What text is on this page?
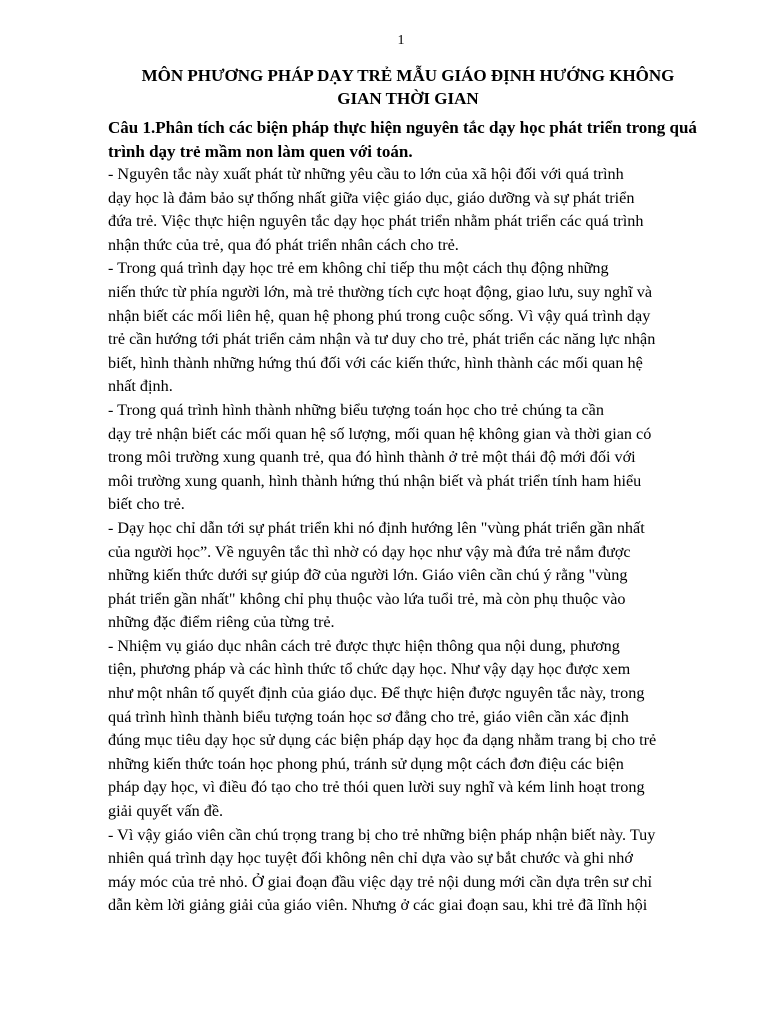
1
MÔN PHƯƠNG PHÁP DẠY TRẺ MẪU GIÁO ĐỊNH HƯỚNG KHÔNG GIAN THỜI GIAN

Câu 1.Phân tích các biện pháp thực hiện nguyên tắc dạy học phát triển trong quá trình dạy trẻ mầm non làm quen với toán.

- Nguyên tắc này xuất phát từ những yêu cầu to lớn của xã hội đối với quá trình
dạy học là đảm bảo sự thống nhất giữa việc giáo dục, giáo dưỡng và sự phát triển
đứa trẻ. Việc thực hiện nguyên tắc dạy học phát triển nhằm phát triển các quá trình
nhận thức của trẻ, qua đó phát triển nhân cách cho trẻ.

- Trong quá trình dạy học trẻ em không chỉ tiếp thu một cách thụ động những
niến thức từ phía người lớn, mà trẻ thường tích cực hoạt động, giao lưu, suy nghĩ và
nhận biết các mối liên hệ, quan hệ phong phú trong cuộc sống. Vì vậy quá trình dạy
trẻ cần hướng tới phát triển cảm nhận và tư duy cho trẻ, phát triển các năng lực nhận
biết, hình thành những hứng thú đối với các kiến thức, hình thành các mối quan hệ
nhất định.

- Trong quá trình hình thành những biểu tượng toán học cho trẻ chúng ta cần
dạy trẻ nhận biết các mối quan hệ số lượng, mối quan hệ không gian và thời gian có
trong môi trường xung quanh trẻ, qua đó hình thành ở trẻ một thái độ mới đối với
môi trường xung quanh, hình thành hứng thú nhận biết và phát triển tính ham hiểu
biết cho trẻ.

- Dạy học chỉ dẫn tới sự phát triển khi nó định hướng lên "vùng phát triển gần nhất
của người học”. Về nguyên tắc thì nhờ có dạy học như vậy mà đứa trẻ nắm được
những kiến thức dưới sự giúp đỡ của người lớn. Giáo viên cần chú ý rằng "vùng
phát triển gần nhất" không chỉ phụ thuộc vào lứa tuổi trẻ, mà còn phụ thuộc vào
những đặc điểm riêng của từng trẻ.

- Nhiệm vụ giáo dục nhân cách trẻ được thực hiện thông qua nội dung, phương
tiện, phương pháp và các hình thức tổ chức dạy học. Như vậy dạy học được xem
như một nhân tố quyết định của giáo dục. Để thực hiện được nguyên tắc này, trong
quá trình hình thành biểu tượng toán học sơ đẳng cho trẻ, giáo viên cần xác định
đúng mục tiêu dạy học sử dụng các biện pháp dạy học đa dạng nhằm trang bị cho trẻ
những kiến thức toán học phong phú, tránh sử dụng một cách đơn điệu các biện
pháp dạy học, vì điều đó tạo cho trẻ thói quen lười suy nghĩ và kém linh hoạt trong
giải quyết vấn đề.

- Vì vậy giáo viên cần chú trọng trang bị cho trẻ những biện pháp nhận biết này. Tuy
nhiên quá trình dạy học tuyệt đối không nên chỉ dựa vào sự bắt chước và ghi nhớ
máy móc của trẻ nhỏ. Ở giai đoạn đầu việc dạy trẻ nội dung mới cần dựa trên sư chỉ
dẫn kèm lời giảng giải của giáo viên. Nhưng ở các giai đoạn sau, khi trẻ đã lĩnh hội
